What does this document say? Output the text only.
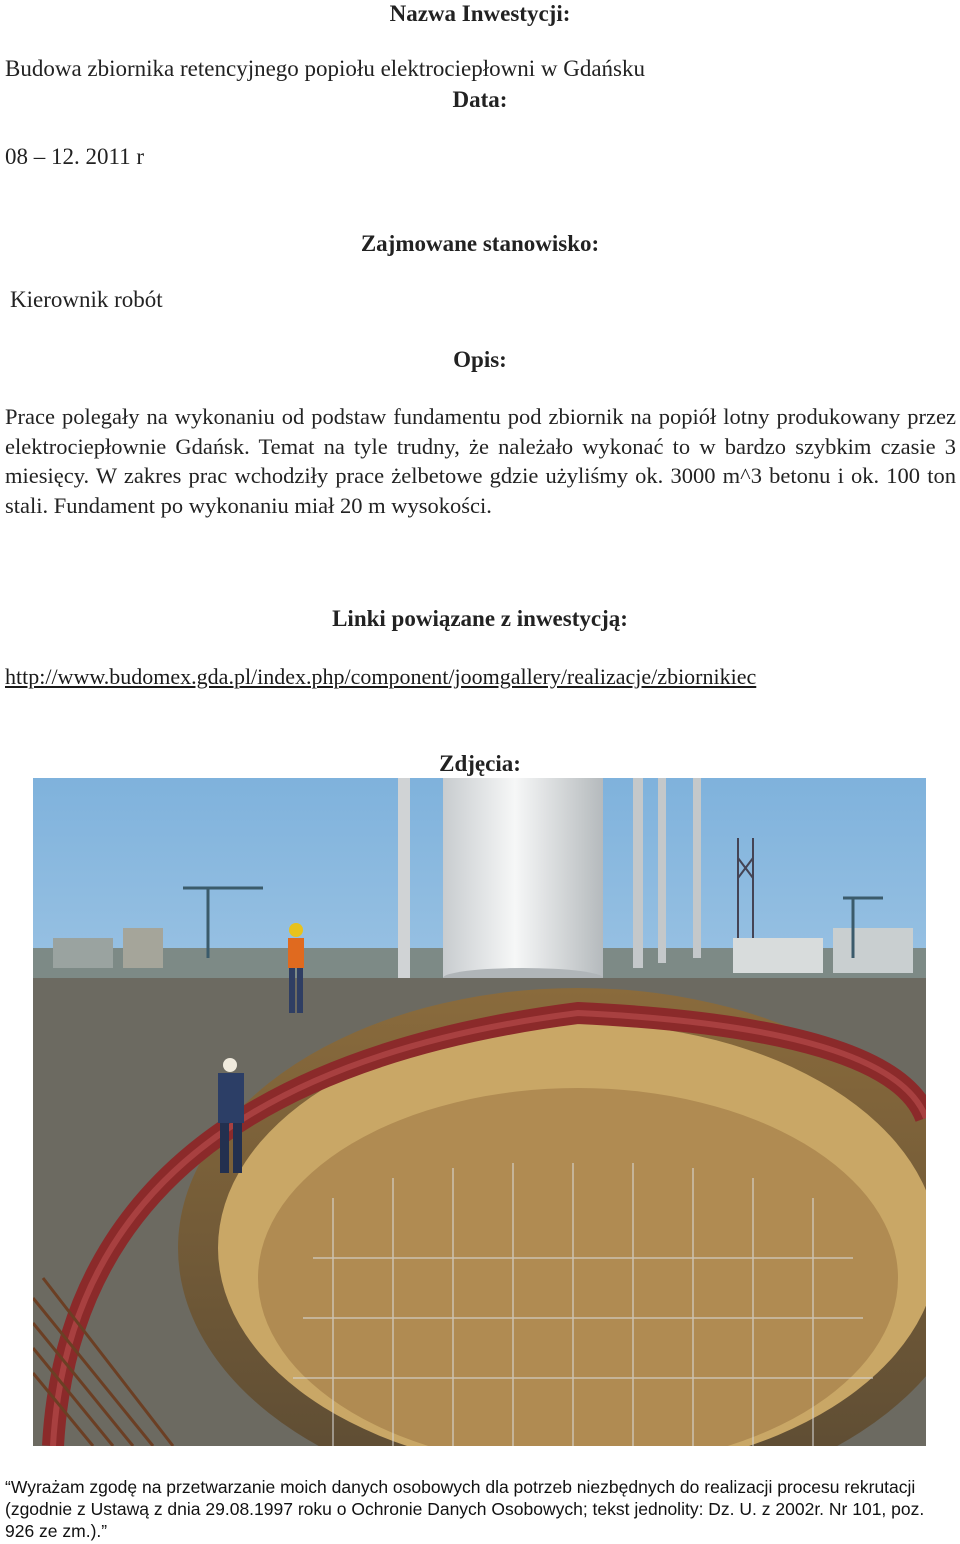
Nazwa Inwestycji:
Budowa zbiornika retencyjnego popiołu elektrociepłowni w Gdańsku
Data:
08 – 12. 2011 r
Zajmowane stanowisko:
Kierownik robót
Opis:
Prace polegały na wykonaniu od podstaw fundamentu pod zbiornik na popiół lotny produkowany przez elektrociepłownie Gdańsk. Temat na tyle trudny, że należało wykonać to w bardzo szybkim czasie 3 miesięcy. W zakres prac wchodziły prace żelbetowe gdzie użyliśmy ok. 3000 m^3 betonu i ok. 100 ton stali. Fundament po wykonaniu miał 20 m wysokości.
Linki powiązane z inwestycją:
http://www.budomex.gda.pl/index.php/component/joomgallery/realizacje/zbiornikiec
Zdjęcia:
“Wyrażam zgodę na przetwarzanie moich danych osobowych dla potrzeb niezbędnych do realizacji procesu rekrutacji (zgodnie z Ustawą z dnia 29.08.1997 roku o Ochronie Danych Osobowych; tekst jednolity: Dz. U. z 2002r. Nr 101, poz. 926 ze zm.).”
